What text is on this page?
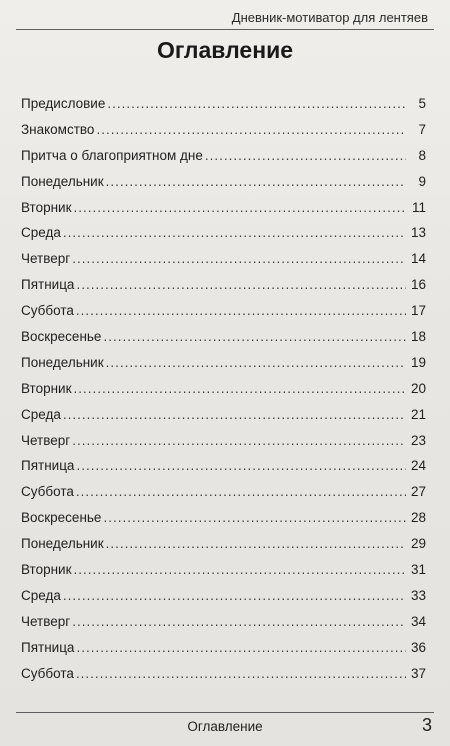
Дневник-мотиватор для лентяев
Оглавление
Предисловие .....	5
Знакомство .....	7
Притча о благоприятном дне .....	8
Понедельник .....	9
Вторник .....	11
Среда .....	13
Четверг .....	14
Пятница .....	16
Суббота .....	17
Воскресенье .....	18
Понедельник .....	19
Вторник .....	20
Среда .....	21
Четверг .....	23
Пятница .....	24
Суббота .....	27
Воскресенье .....	28
Понедельник .....	29
Вторник .....	31
Среда .....	33
Четверг .....	34
Пятница .....	36
Суббота .....	37
Оглавление	3
